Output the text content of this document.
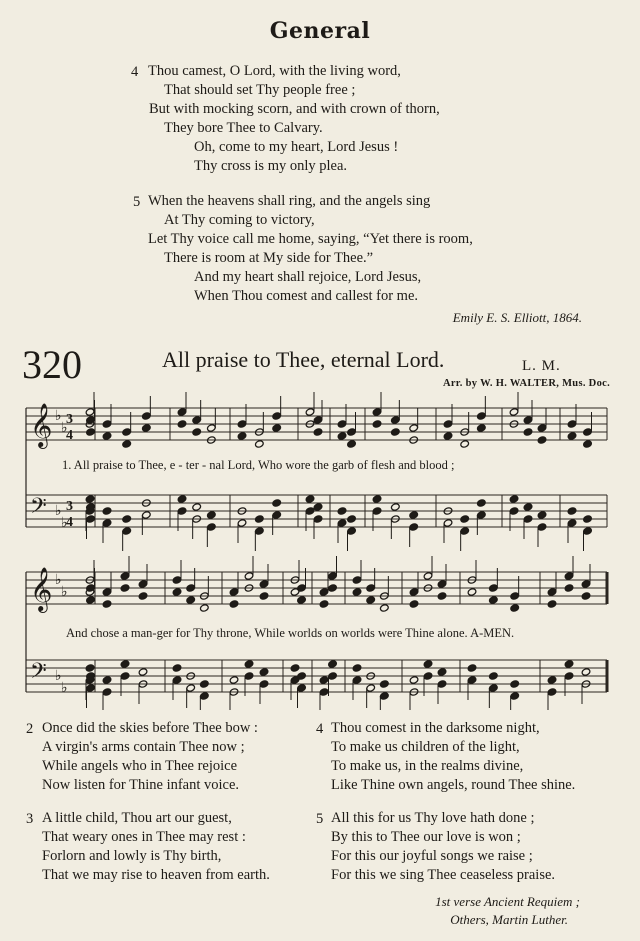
General
4 Thou camest, O Lord, with the living word,
That should set Thy people free ;
But with mocking scorn, and with crown of thorn,
They bore Thee to Calvary.
Oh, come to my heart, Lord Jesus !
Thy cross is my only plea.
5 When the heavens shall ring, and the angels sing
At Thy coming to victory,
Let Thy voice call me home, saying, “Yet there is room,
There is room at My side for Thee.”
And my heart shall rejoice, Lord Jesus,
When Thou comest and callest for me.
Emily E. S. Elliott, 1864.
320	All praise to Thee, eternal Lord.	L. M.
Arr. by W. H. WALTER, Mus. Doc.
𝄞 ♭
♭
3
4
𝄢 ♭
♭
3
4
𝄞 ♭
♭
𝄢 ♭
♭
1. All praise to Thee, e - ter - nal Lord, Who wore the garb of flesh and blood ;
And chose a man-ger for Thy throne, While worlds on worlds were Thine alone. A-MEN.
2 Once did the skies before Thee bow :
A virgin's arms contain Thee now ;
While angels who in Thee rejoice
Now listen for Thine infant voice.
3 A little child, Thou art our guest,
That weary ones in Thee may rest :
Forlorn and lowly is Thy birth,
That we may rise to heaven from earth.
4 Thou comest in the darksome night,
To make us children of the light,
To make us, in the realms divine,
Like Thine own angels, round Thee shine.
5 All this for us Thy love hath done ;
By this to Thee our love is won ;
For this our joyful songs we raise ;
For this we sing Thee ceaseless praise.
1st verse Ancient Requiem ;
Others, Martin Luther.
